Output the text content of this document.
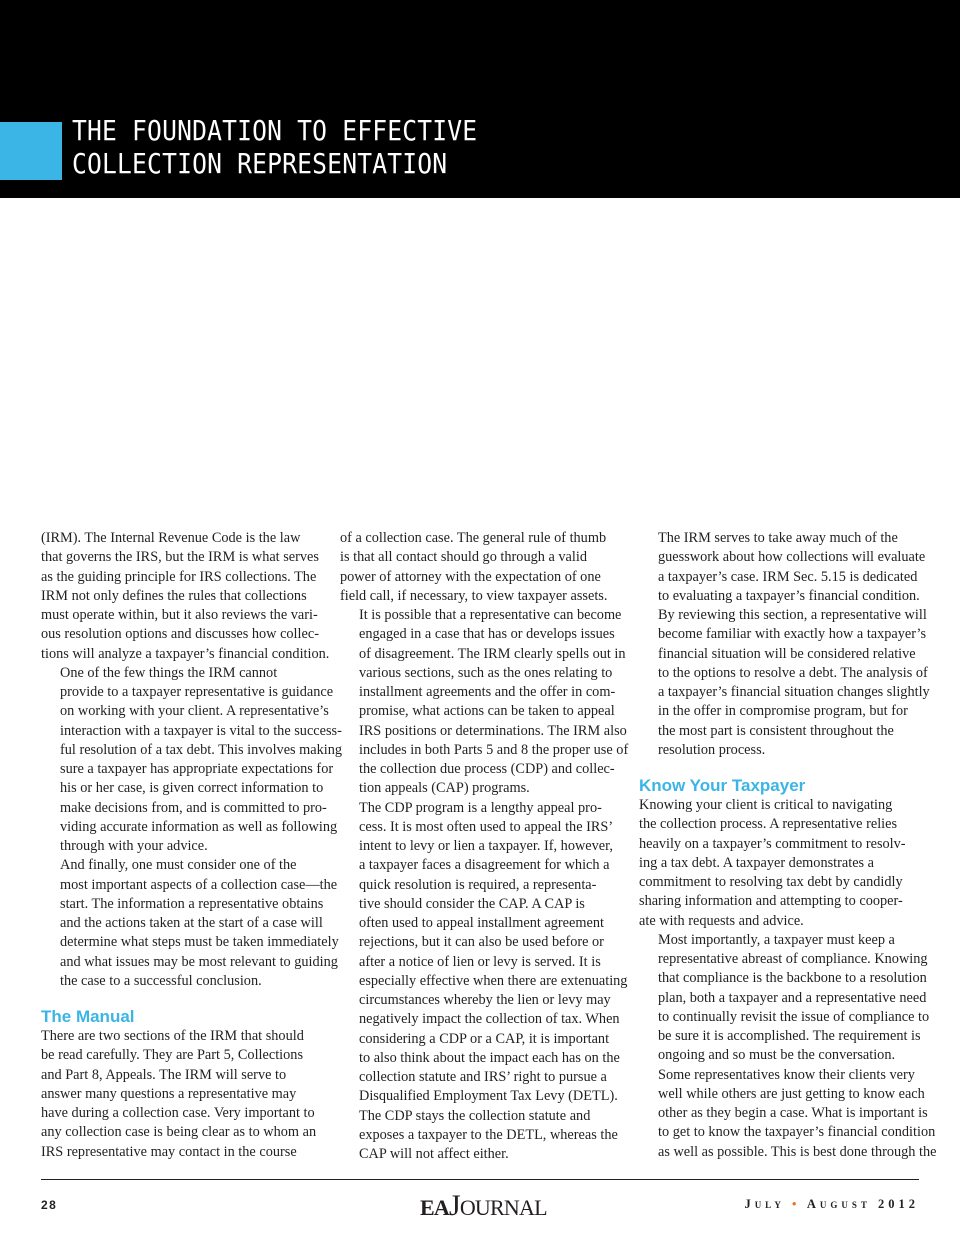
THE FOUNDATION TO EFFECTIVE
COLLECTION REPRESENTATION

(IRM). The Internal Revenue Code is the law
that governs the IRS, but the IRM is what serves
as the guiding principle for IRS collections. The
IRM not only defines the rules that collections
must operate within, but it also reviews the vari-
ous resolution options and discusses how collec-
tions will analyze a taxpayer’s financial condition.

One of the few things the IRM cannot
provide to a taxpayer representative is guidance
on working with your client. A representative’s
interaction with a taxpayer is vital to the success-
ful resolution of a tax debt. This involves making
sure a taxpayer has appropriate expectations for
his or her case, is given correct information to
make decisions from, and is committed to pro-
viding accurate information as well as following
through with your advice.

And finally, one must consider one of the
most important aspects of a collection case—the
start. The information a representative obtains
and the actions taken at the start of a case will
determine what steps must be taken immediately
and what issues may be most relevant to guiding
the case to a successful conclusion.

The Manual

There are two sections of the IRM that should
be read carefully. They are Part 5, Collections
and Part 8, Appeals. The IRM will serve to
answer many questions a representative may
have during a collection case. Very important to
any collection case is being clear as to whom an
IRS representative may contact in the course

of a collection case. The general rule of thumb
is that all contact should go through a valid
power of attorney with the expectation of one
field call, if necessary, to view taxpayer assets.

It is possible that a representative can become
engaged in a case that has or develops issues
of disagreement. The IRM clearly spells out in
various sections, such as the ones relating to
installment agreements and the offer in com-
promise, what actions can be taken to appeal
IRS positions or determinations. The IRM also
includes in both Parts 5 and 8 the proper use of
the collection due process (CDP) and collec-
tion appeals (CAP) programs.

The CDP program is a lengthy appeal pro-
cess. It is most often used to appeal the IRS’
intent to levy or lien a taxpayer. If, however,
a taxpayer faces a disagreement for which a
quick resolution is required, a representa-
tive should consider the CAP. A CAP is
often used to appeal installment agreement
rejections, but it can also be used before or
after a notice of lien or levy is served. It is
especially effective when there are extenuating
circumstances whereby the lien or levy may
negatively impact the collection of tax. When
considering a CDP or a CAP, it is important
to also think about the impact each has on the
collection statute and IRS’ right to pursue a
Disqualified Employment Tax Levy (DETL).
The CDP stays the collection statute and
exposes a taxpayer to the DETL, whereas the
CAP will not affect either.

The IRM serves to take away much of the
guesswork about how collections will evaluate
a taxpayer’s case. IRM Sec. 5.15 is dedicated
to evaluating a taxpayer’s financial condition.
By reviewing this section, a representative will
become familiar with exactly how a taxpayer’s
financial situation will be considered relative
to the options to resolve a debt. The analysis of
a taxpayer’s financial situation changes slightly
in the offer in compromise program, but for
the most part is consistent throughout the
resolution process.

Know Your Taxpayer

Knowing your client is critical to navigating
the collection process. A representative relies
heavily on a taxpayer’s commitment to resolv-
ing a tax debt. A taxpayer demonstrates a
commitment to resolving tax debt by candidly
sharing information and attempting to cooper-
ate with requests and advice.

Most importantly, a taxpayer must keep a
representative abreast of compliance. Knowing
that compliance is the backbone to a resolution
plan, both a taxpayer and a representative need
to continually revisit the issue of compliance to
be sure it is accomplished. The requirement is
ongoing and so must be the conversation.

Some representatives know their clients very
well while others are just getting to know each
other as they begin a case. What is important is
to get to know the taxpayer’s financial condition
as well as possible. This is best done through the

28	EAJOURNAL	July • August 2012
